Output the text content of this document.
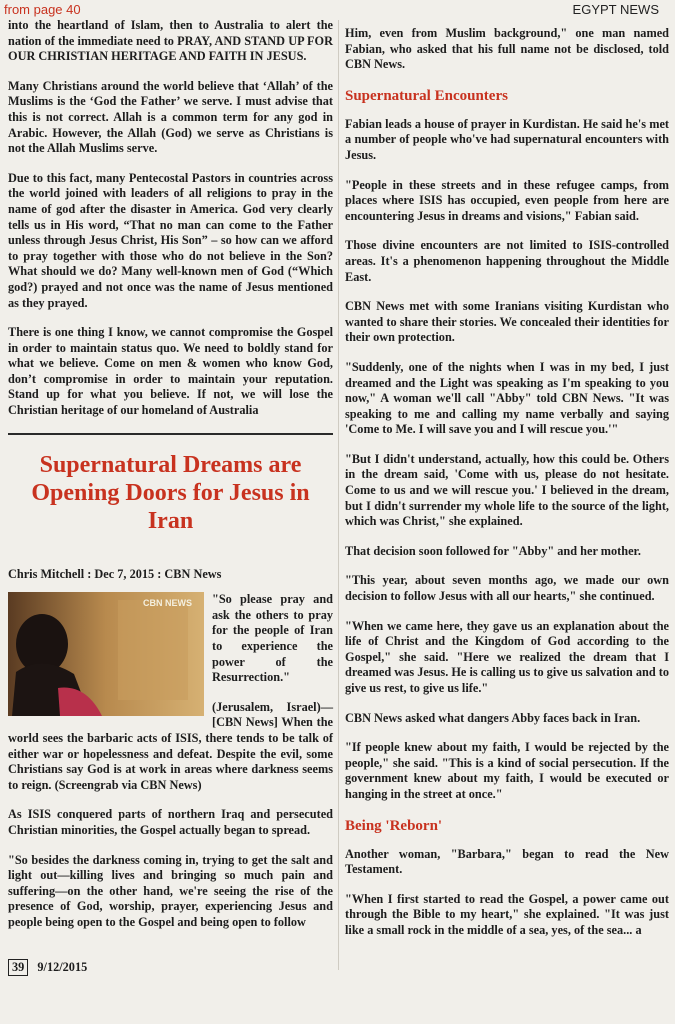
from page 40	EGYPT NEWS

into the heartland of Islam, then to Australia to alert the nation of the immediate need to PRAY, AND STAND UP FOR OUR CHRISTIAN HERITAGE AND FAITH IN JESUS.

Many Christians around the world believe that ‘Allah’ of the Muslims is the ‘God the Father’ we serve. I must advise that this is not correct. Allah is a common term for any god in Arabic. However, the Allah (God) we serve as Christians is not the Allah Muslims serve.

Due to this fact, many Pentecostal Pastors in countries across the world joined with leaders of all religions to pray in the name of god after the disaster in America. God very clearly tells us in His word, “That no man can come to the Father unless through Jesus Christ, His Son” – so how can we afford to pray together with those who do not believe in the Son? What should we do? Many well-known men of God (“Which god?) prayed and not once was the name of Jesus mentioned as they prayed.

There is one thing I know, we cannot compromise the Gospel in order to maintain status quo. We need to boldly stand for what we believe. Come on men & women who know God, don’t compromise in order to maintain your reputation. Stand up for what you believe. If not, we will lose the Christian heritage of our homeland of Australia

Supernatural Dreams are Opening Doors for Jesus in Iran
Chris Mitchell : Dec 7, 2015 : CBN News
CBN NEWS	"So please pray and ask the others to pray for the people of Iran to experience the power of the Resurrection."

(Jerusalem, Israel)—[CBN News] When the world sees the barbaric acts of ISIS, there tends to be talk of either war or hopelessness and defeat. Despite the evil, some Christians say God is at work in areas where darkness seems to reign. (Screengrab via CBN News)

As ISIS conquered parts of northern Iraq and persecuted Christian minorities, the Gospel actually began to spread.

"So besides the darkness coming in, trying to get the salt and light out—killing lives and bringing so much pain and suffering—on the other hand, we're seeing the rise of the presence of God, worship, prayer, experiencing Jesus and people being open to the Gospel and being open to follow

Him, even from Muslim background," one man named Fabian, who asked that his full name not be disclosed, told CBN News.

Supernatural Encounters

Fabian leads a house of prayer in Kurdistan. He said he's met a number of people who've had supernatural encounters with Jesus.

"People in these streets and in these refugee camps, from places where ISIS has occupied, even people from here are encountering Jesus in dreams and visions," Fabian said.

Those divine encounters are not limited to ISIS-controlled areas. It's a phenomenon happening throughout the Middle East.

CBN News met with some Iranians visiting Kurdistan who wanted to share their stories. We concealed their identities for their own protection.

"Suddenly, one of the nights when I was in my bed, I just dreamed and the Light was speaking as I'm speaking to you now," A woman we'll call "Abby" told CBN News. "It was speaking to me and calling my name verbally and saying 'Come to Me. I will save you and I will rescue you.'"

"But I didn't understand, actually, how this could be. Others in the dream said, 'Come with us, please do not hesitate. Come to us and we will rescue you.' I believed in the dream, but I didn't surrender my whole life to the source of the light, which was Christ," she explained.

That decision soon followed for "Abby" and her mother.

"This year, about seven months ago, we made our own decision to follow Jesus with all our hearts," she continued.

"When we came here, they gave us an explanation about the life of Christ and the Kingdom of God according to the Gospel," she said. "Here we realized the dream that I dreamed was Jesus. He is calling us to give us salvation and to give us rest, to give us life."

CBN News asked what dangers Abby faces back in Iran.

"If people knew about my faith, I would be rejected by the people," she said. "This is a kind of social persecution. If the government knew about my faith, I would be executed or hanging in the street at once."

Being 'Reborn'

Another woman, "Barbara," began to read the New Testament.

"When I first started to read the Gospel, a power came out through the Bible to my heart," she explained. "It was just like a small rock in the middle of a sea, yes, of the sea... a

39 9/12/2015
